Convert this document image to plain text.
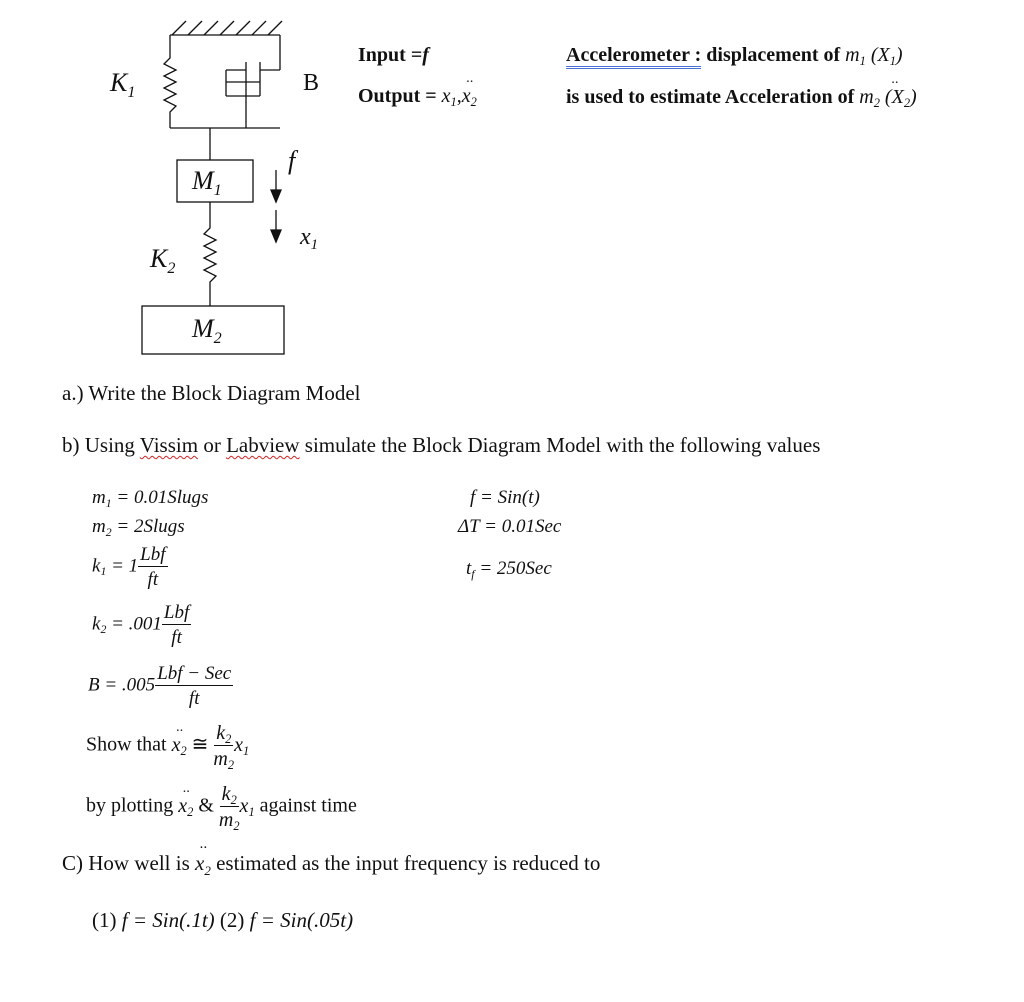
$K_1$	B
$M_1$
f
$K_2$
$x_1$
$M_2$
Input =f
Output = $x_1,\cdot\cdot x_2$
Accelerometer : displacement of $m_1$ $(X_1)$
is used to estimate Acceleration of $m_2 \cdot\cdot (X_2)$
a.) Write the Block Diagram Model
b) Using Vissim or Labview simulate the Block Diagram Model with the following values
$m_1$ = 0.01Slugs
$m_2$ = 2Slugs
$k_1 = 1 \frac{\text{Lbf}}{ft}$
$k_2 = .001 \frac{\text{Lbf}}{ft}$
$B = .005 \frac{\text{Lbf − Sec}}{ft}$
f = Sin(t)
ΔT = 0.01Sec
$t_f = 250Sec$
Show that ·· $x_2$ ≅ $\frac{k_2}{m_2} x_1$
by plotting ·· $x_2$ & $\frac{k_2}{m_2} x_1$ against time
C) How well is ·· $x_2$ estimated as the input frequency is reduced to
(1) f = Sin(.1t) (2) f = Sin(.05t)
